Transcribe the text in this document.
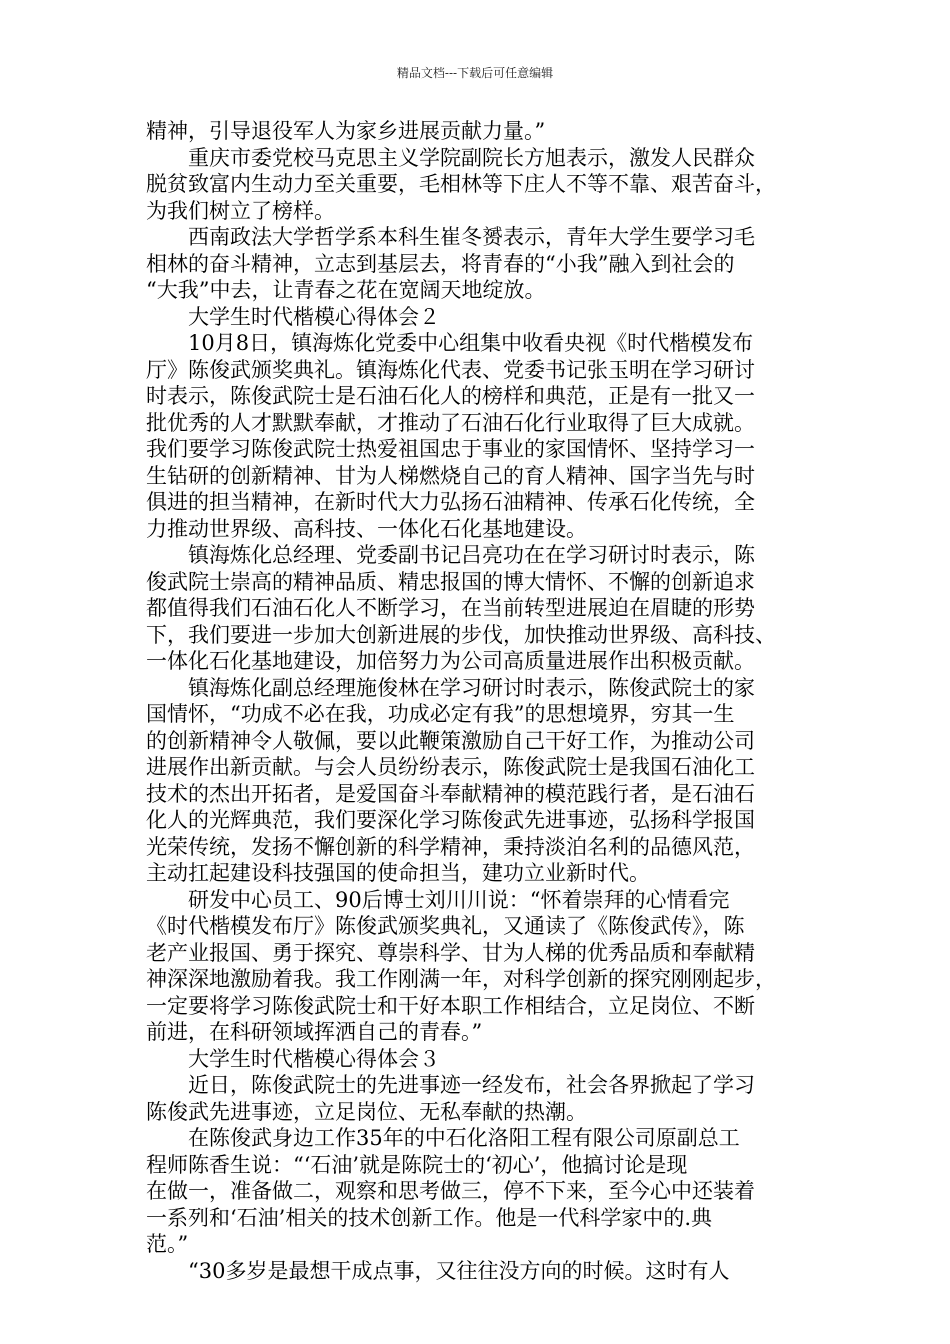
精品文档---下载后可任意编辑
精神，引导退役军人为家乡进展贡献力量。”
　　重庆市委党校马克思主义学院副院长方旭表示，激发人民群众
脱贫致富内生动力至关重要，毛相林等下庄人不等不靠、艰苦奋斗，
为我们树立了榜样。
　　西南政法大学哲学系本科生崔冬赟表示，青年大学生要学习毛
相林的奋斗精神，立志到基层去，将青春的“小我”融入到社会的
“大我”中去，让青春之花在宽阔天地绽放。
　　大学生时代楷模心得体会２
　　10月8日，镇海炼化党委中心组集中收看央视《时代楷模发布
厅》陈俊武颁奖典礼。镇海炼化代表、党委书记张玉明在学习研讨
时表示，陈俊武院士是石油石化人的榜样和典范，正是有一批又一
批优秀的人才默默奉献，才推动了石油石化行业取得了巨大成就。
我们要学习陈俊武院士热爱祖国忠于事业的家国情怀、坚持学习一
生钻研的创新精神、甘为人梯燃烧自己的育人精神、国字当先与时
俱进的担当精神，在新时代大力弘扬石油精神、传承石化传统，全
力推动世界级、高科技、一体化石化基地建设。
　　镇海炼化总经理、党委副书记吕亮功在在学习研讨时表示，陈
俊武院士崇高的精神品质、精忠报国的博大情怀、不懈的创新追求
都值得我们石油石化人不断学习，在当前转型进展迫在眉睫的形势
下，我们要进一步加大创新进展的步伐，加快推动世界级、高科技、
一体化石化基地建设，加倍努力为公司高质量进展作出积极贡献。
　　镇海炼化副总经理施俊林在学习研讨时表示，陈俊武院士的家
国情怀，“功成不必在我，功成必定有我”的思想境界，穷其一生
的创新精神令人敬佩，要以此鞭策激励自己干好工作，为推动公司
进展作出新贡献。与会人员纷纷表示，陈俊武院士是我国石油化工
技术的杰出开拓者，是爱国奋斗奉献精神的模范践行者，是石油石
化人的光辉典范，我们要深化学习陈俊武先进事迹，弘扬科学报国
光荣传统，发扬不懈创新的科学精神，秉持淡泊名利的品德风范，
主动扛起建设科技强国的使命担当，建功立业新时代。
　　研发中心员工、90后博士刘川川说：“怀着崇拜的心情看完
《时代楷模发布厅》陈俊武颁奖典礼，又通读了《陈俊武传》，陈
老产业报国、勇于探究、尊崇科学、甘为人梯的优秀品质和奉献精
神深深地激励着我。我工作刚满一年，对科学创新的探究刚刚起步，
一定要将学习陈俊武院士和干好本职工作相结合，立足岗位、不断
前进，在科研领域挥洒自己的青春。”
　　大学生时代楷模心得体会３
　　近日，陈俊武院士的先进事迹一经发布，社会各界掀起了学习
陈俊武先进事迹，立足岗位、无私奉献的热潮。
　　在陈俊武身边工作35年的中石化洛阳工程有限公司原副总工
程师陈香生说：“‘石油’就是陈院士的‘初心’，他搞讨论是现
在做一，准备做二，观察和思考做三，停不下来，至今心中还装着
一系列和‘石油’相关的技术创新工作。他是一代科学家中的.典
范。”
　　“30多岁是最想干成点事，又往往没方向的时候。这时有人
